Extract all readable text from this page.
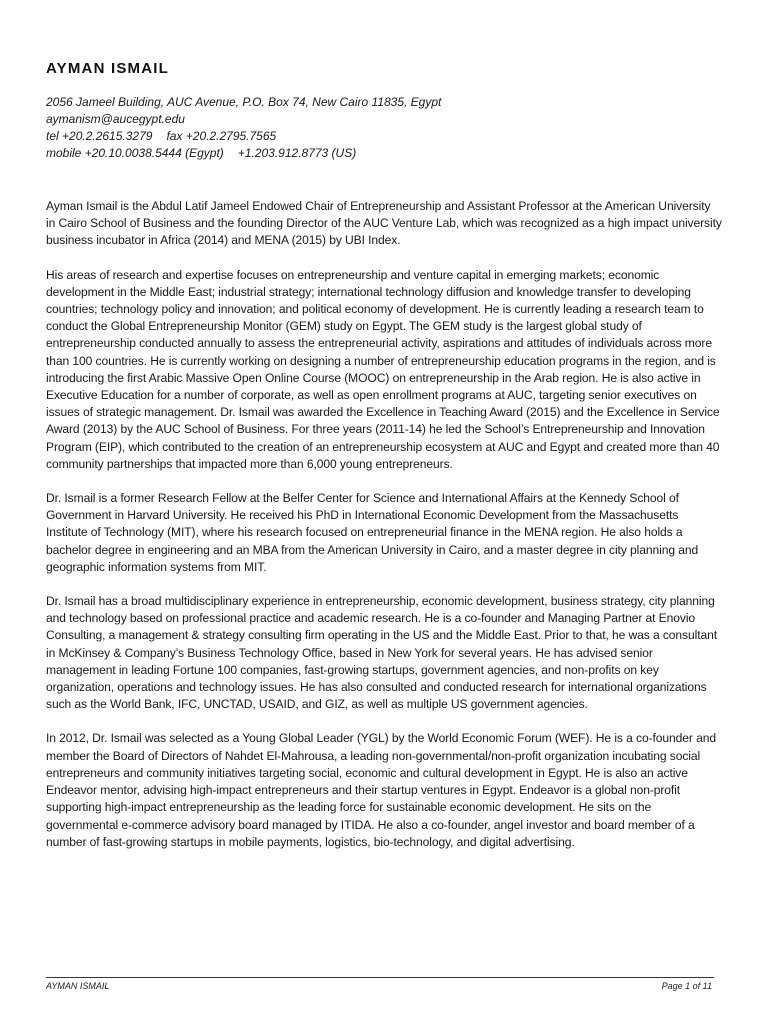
AYMAN ISMAIL
2056 Jameel Building, AUC Avenue, P.O. Box 74, New Cairo 11835, Egypt
aymanism@aucegypt.edu
tel +20.2.2615.3279 fax +20.2.2795.7565
mobile +20.10.0038.5444 (Egypt) +1.203.912.8773 (US)

Ayman Ismail is the Abdul Latif Jameel Endowed Chair of Entrepreneurship and Assistant Professor at the American University in Cairo School of Business and the founding Director of the AUC Venture Lab, which was recognized as a high impact university business incubator in Africa (2014) and MENA (2015) by UBI Index.

His areas of research and expertise focuses on entrepreneurship and venture capital in emerging markets; economic development in the Middle East; industrial strategy; international technology diffusion and knowledge transfer to developing countries; technology policy and innovation; and political economy of development. He is currently leading a research team to conduct the Global Entrepreneurship Monitor (GEM) study on Egypt. The GEM study is the largest global study of entrepreneurship conducted annually to assess the entrepreneurial activity, aspirations and attitudes of individuals across more than 100 countries. He is currently working on designing a number of entrepreneurship education programs in the region, and is introducing the first Arabic Massive Open Online Course (MOOC) on entrepreneurship in the Arab region. He is also active in Executive Education for a number of corporate, as well as open enrollment programs at AUC, targeting senior executives on issues of strategic management. Dr. Ismail was awarded the Excellence in Teaching Award (2015) and the Excellence in Service Award (2013) by the AUC School of Business. For three years (2011-14) he led the School’s Entrepreneurship and Innovation Program (EIP), which contributed to the creation of an entrepreneurship ecosystem at AUC and Egypt and created more than 40 community partnerships that impacted more than 6,000 young entrepreneurs.

Dr. Ismail is a former Research Fellow at the Belfer Center for Science and International Affairs at the Kennedy School of Government in Harvard University. He received his PhD in International Economic Development from the Massachusetts Institute of Technology (MIT), where his research focused on entrepreneurial finance in the MENA region. He also holds a bachelor degree in engineering and an MBA from the American University in Cairo, and a master degree in city planning and geographic information systems from MIT.

Dr. Ismail has a broad multidisciplinary experience in entrepreneurship, economic development, business strategy, city planning and technology based on professional practice and academic research. He is a co-founder and Managing Partner at Enovio Consulting, a management & strategy consulting firm operating in the US and the Middle East. Prior to that, he was a consultant in McKinsey & Company’s Business Technology Office, based in New York for several years. He has advised senior management in leading Fortune 100 companies, fast-growing startups, government agencies, and non-profits on key organization, operations and technology issues. He has also consulted and conducted research for international organizations such as the World Bank, IFC, UNCTAD, USAID, and GIZ, as well as multiple US government agencies.

In 2012, Dr. Ismail was selected as a Young Global Leader (YGL) by the World Economic Forum (WEF). He is a co-founder and member the Board of Directors of Nahdet El-Mahrousa, a leading non-governmental/non-profit organization incubating social entrepreneurs and community initiatives targeting social, economic and cultural development in Egypt. He is also an active Endeavor mentor, advising high-impact entrepreneurs and their startup ventures in Egypt. Endeavor is a global non-profit supporting high-impact entrepreneurship as the leading force for sustainable economic development. He sits on the governmental e-commerce advisory board managed by ITIDA. He also a co-founder, angel investor and board member of a number of fast-growing startups in mobile payments, logistics, bio-technology, and digital advertising.

AYMAN ISMAIL	Page 1 of 11
